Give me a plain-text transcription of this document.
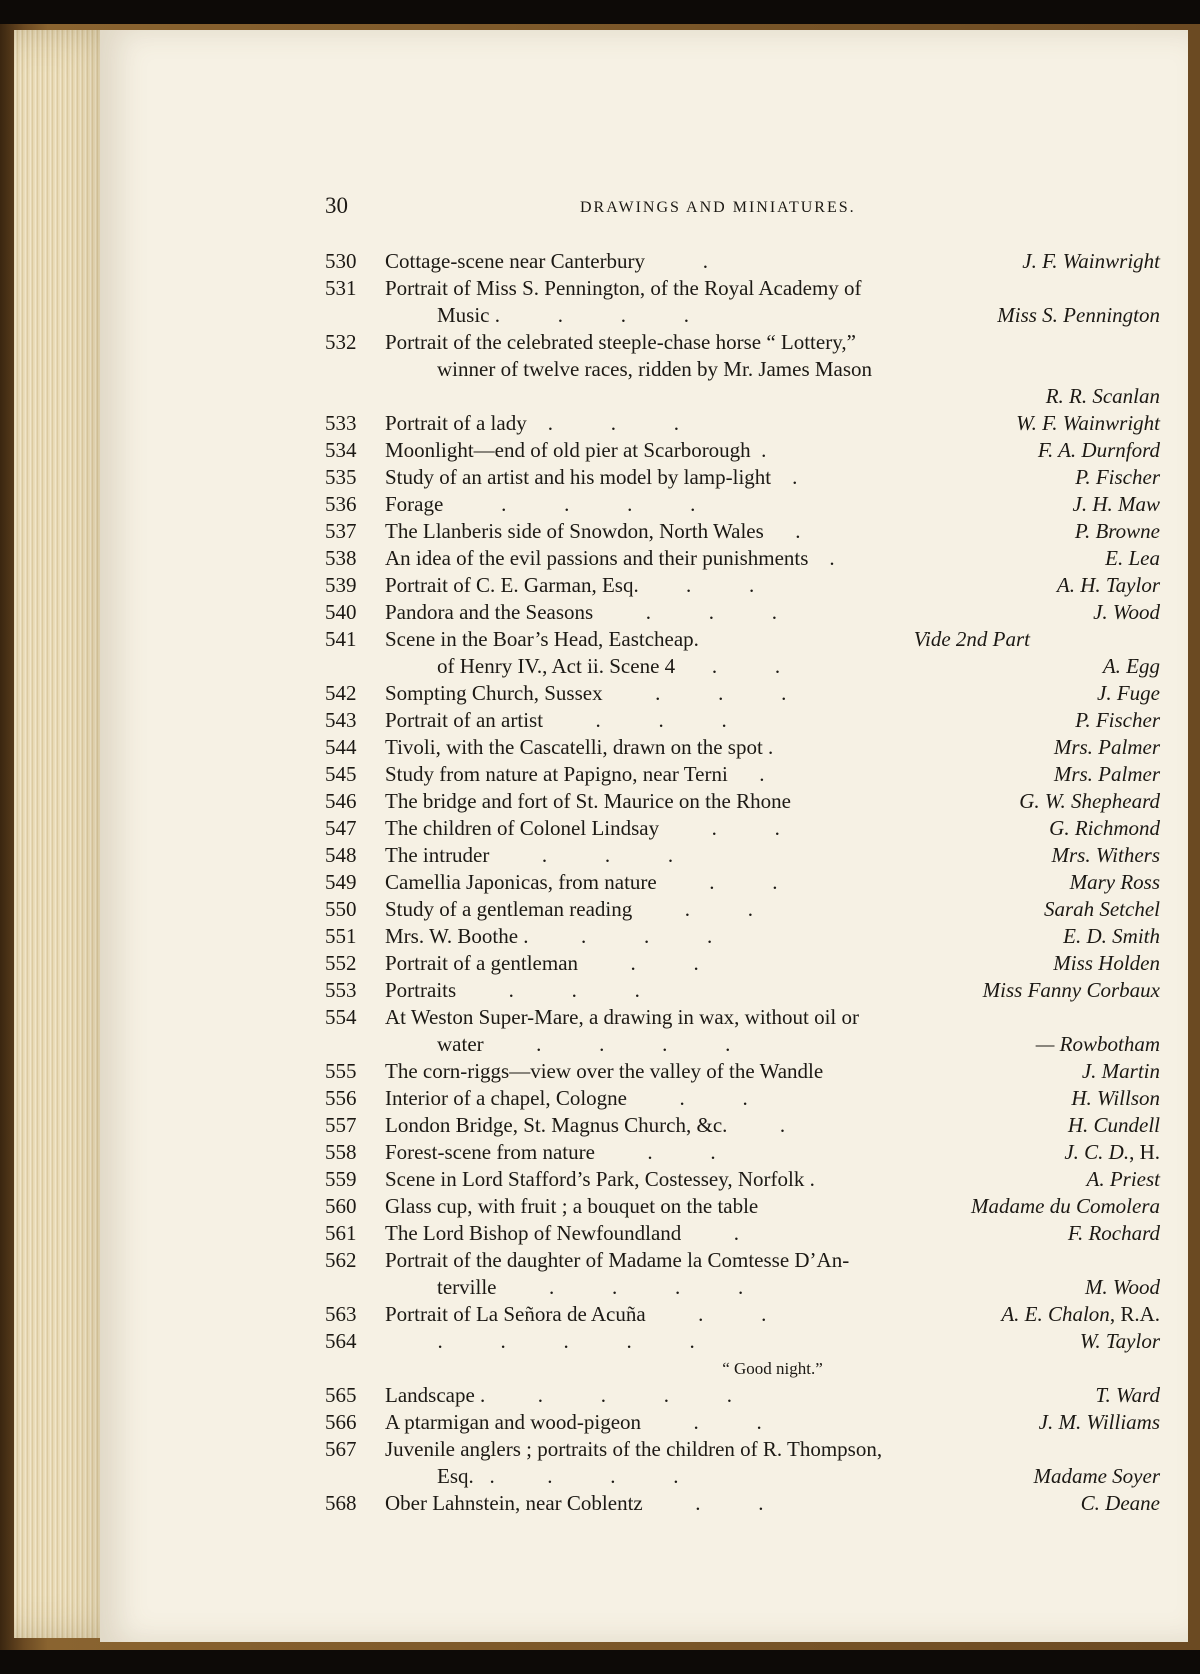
30	DRAWINGS AND MINIATURES.
530 Cottage-scene near Canterbury           .	J. F. Wainwright
531 Portrait of Miss S. Pennington, of the Royal Academy of
Music .           .           .           .	Miss S. Pennington
532 Portrait of the celebrated steeple-chase horse “ Lottery,”
winner of twelve races, ridden by Mr. James Mason
R. R. Scanlan
533 Portrait of a lady    .           .           .	W. F. Wainwright
534 Moonlight—end of old pier at Scarborough  .	F. A. Durnford
535 Study of an artist and his model by lamp-light    .	P. Fischer
536 Forage           .           .           .           .	J. H. Maw
537 The Llanberis side of Snowdon, North Wales      .	P. Browne
538 An idea of the evil passions and their punishments    .	E. Lea
539 Portrait of C. E. Garman, Esq.         .           .	A. H. Taylor
540 Pandora and the Seasons          .           .           .	J. Wood
541 Scene in the Boar’s Head, Eastcheap.	Vide 2nd Part
of Henry IV., Act ii. Scene 4       .           .	A. Egg
542 Sompting Church, Sussex          .           .           .	J. Fuge
543 Portrait of an artist          .           .           .	P. Fischer
544 Tivoli, with the Cascatelli, drawn on the spot .	Mrs. Palmer
545 Study from nature at Papigno, near Terni      .	Mrs. Palmer
546 The bridge and fort of St. Maurice on the Rhone	G. W. Shepheard
547 The children of Colonel Lindsay          .           .	G. Richmond
548 The intruder          .           .           .	Mrs. Withers
549 Camellia Japonicas, from nature          .           .	Mary Ross
550 Study of a gentleman reading          .           .	Sarah Setchel
551 Mrs. W. Boothe .          .           .           .	E. D. Smith
552 Portrait of a gentleman          .           .	Miss Holden
553 Portraits          .           .           .	Miss Fanny Corbaux
554 At Weston Super-Mare, a drawing in wax, without oil or
water          .           .           .           .	— Rowbotham
555 The corn-riggs—view over the valley of the Wandle	J. Martin
556 Interior of a chapel, Cologne          .           .	H. Willson
557 London Bridge, St. Magnus Church, &c.          .	H. Cundell
558 Forest-scene from nature          .           .	J. C. D., H.
559 Scene in Lord Stafford’s Park, Costessey, Norfolk .	A. Priest
560 Glass cup, with fruit ; a bouquet on the table	Madame du Comolera
561 The Lord Bishop of Newfoundland          .	F. Rochard
562 Portrait of the daughter of Madame la Comtesse D’An-
terville          .           .           .           .	M. Wood
563 Portrait of La Señora de Acuña          .           .	A. E. Chalon, R.A.
564 .           .           .           .           .	W. Taylor
“ Good night.”
565 Landscape .          .           .           .           .	T. Ward
566 A ptarmigan and wood-pigeon          .           .	J. M. Williams
567 Juvenile anglers ; portraits of the children of R. Thompson,
Esq.   .          .           .           .	Madame Soyer
568 Ober Lahnstein, near Coblentz          .           .	C. Deane
